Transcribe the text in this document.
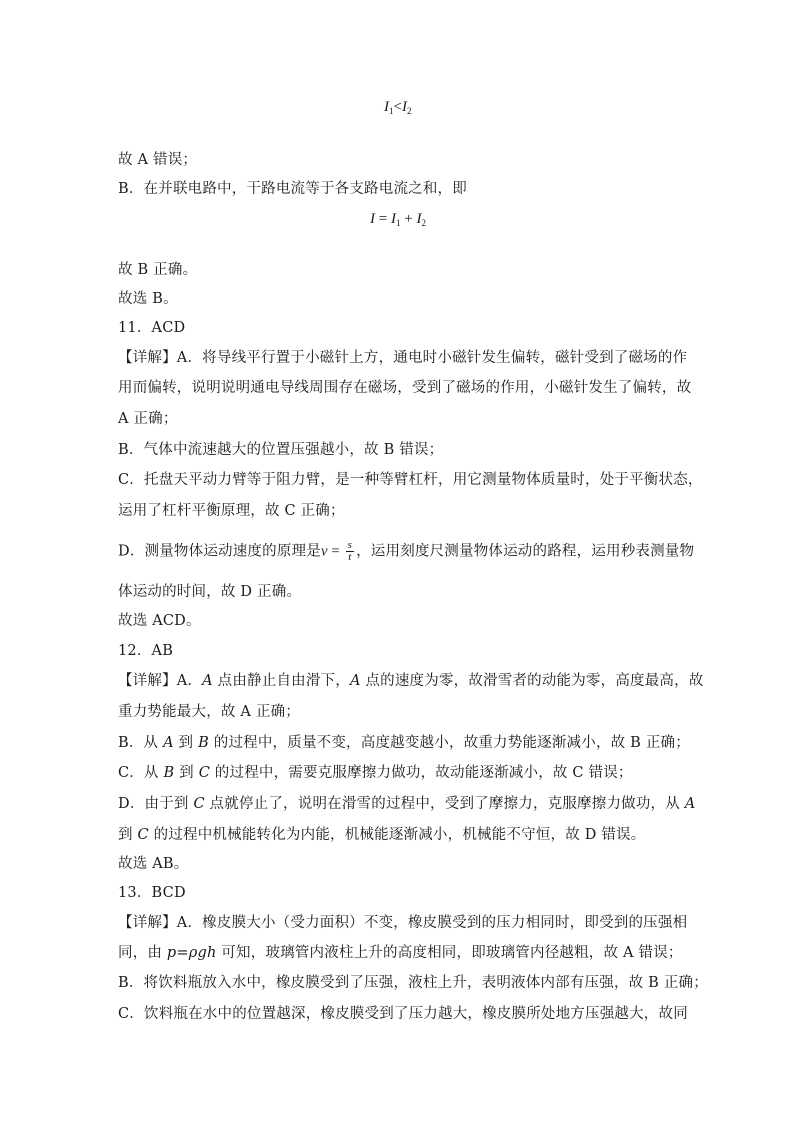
$I_1<I_2$
故 A 错误；
B．在并联电路中，干路电流等于各支路电流之和，即
$I = I_1 + I_2$
故 B 正确。
故选 B。
11．ACD
【详解】A．将导线平行置于小磁针上方，通电时小磁针发生偏转，磁针受到了磁场的作
用而偏转，说明说明通电导线周围存在磁场，受到了磁场的作用，小磁针发生了偏转，故
A 正确；
B．气体中流速越大的位置压强越小，故 B 错误；
C．托盘天平动力臂等于阻力臂，是一种等臂杠杆，用它测量物体质量时，处于平衡状态，
运用了杠杆平衡原理，故 C 正确；
D．测量物体运动速度的原理是$v = \frac{s}{t}$ ，运用刻度尺测量物体运动的路程，运用秒表测量物
体运动的时间，故 D 正确。
故选 ACD。
12．AB
【详解】A．A 点由静止自由滑下，A 点的速度为零，故滑雪者的动能为零，高度最高，故
重力势能最大，故 A 正确；
B．从 A 到 B 的过程中，质量不变，高度越变越小，故重力势能逐渐减小，故 B 正确；
C．从 B 到 C 的过程中，需要克服摩擦力做功，故动能逐渐减小，故 C 错误；
D．由于到 C 点就停止了，说明在滑雪的过程中，受到了摩擦力，克服摩擦力做功，从 A
到 C 的过程中机械能转化为内能，机械能逐渐减小，机械能不守恒，故 D 错误。
故选 AB。
13．BCD
【详解】A．橡皮膜大小（受力面积）不变，橡皮膜受到的压力相同时，即受到的压强相
同，由 p=ρgh 可知，玻璃管内液柱上升的高度相同，即玻璃管内径越粗，故 A 错误；
B．将饮料瓶放入水中，橡皮膜受到了压强，液柱上升，表明液体内部有压强，故 B 正确；
C．饮料瓶在水中的位置越深，橡皮膜受到了压力越大，橡皮膜所处地方压强越大，故同
